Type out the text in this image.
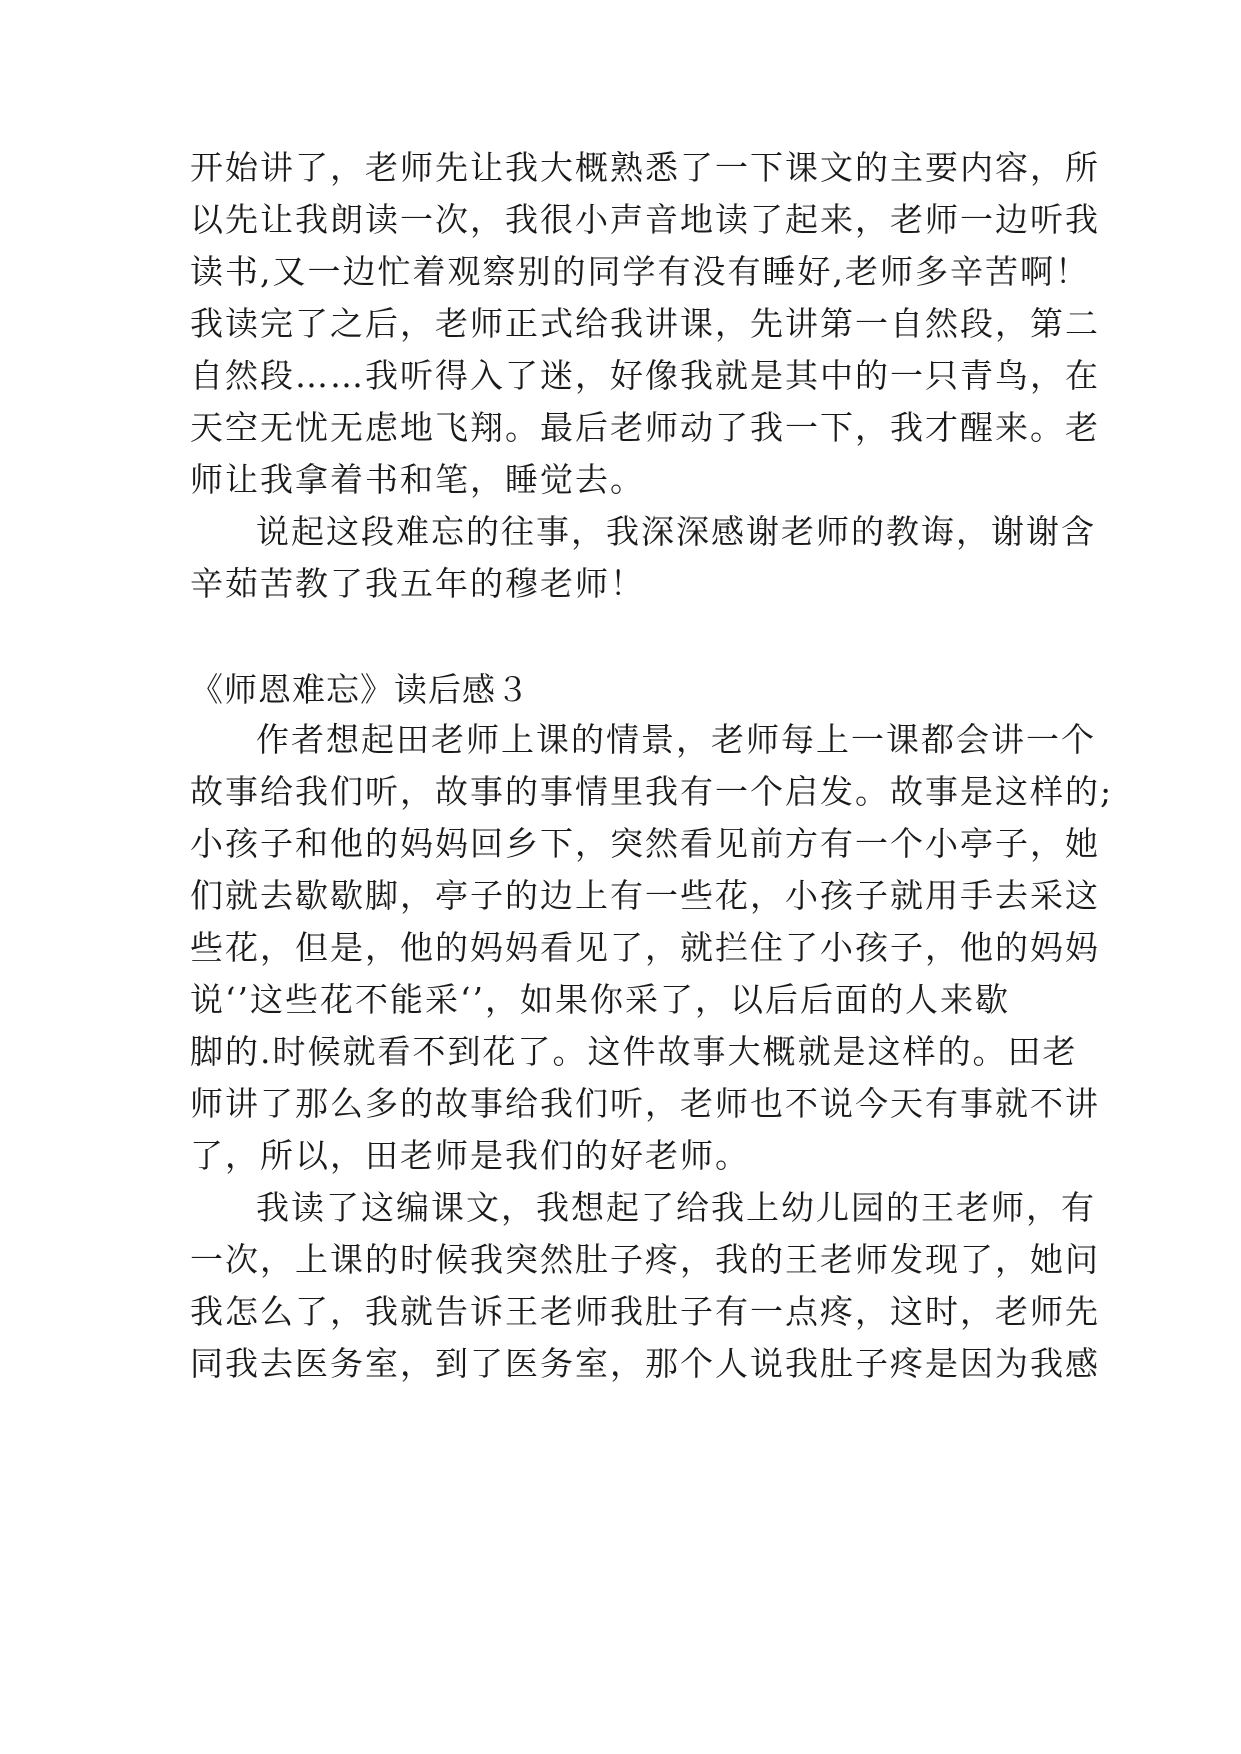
开始讲了，老师先让我大概熟悉了一下课文的主要内容，所
以先让我朗读一次，我很小声音地读了起来，老师一边听我
读书,又一边忙着观察别的同学有没有睡好,老师多辛苦啊！
我读完了之后，老师正式给我讲课，先讲第一自然段，第二
自然段……我听得入了迷，好像我就是其中的一只青鸟，在
天空无忧无虑地飞翔。最后老师动了我一下，我才醒来。老
师让我拿着书和笔，睡觉去。
说起这段难忘的往事，我深深感谢老师的教诲，谢谢含
辛茹苦教了我五年的穆老师！
《师恩难忘》读后感３
作者想起田老师上课的情景，老师每上一课都会讲一个
故事给我们听，故事的事情里我有一个启发。故事是这样的;
小孩子和他的妈妈回乡下，突然看见前方有一个小亭子，她
们就去歇歇脚，亭子的边上有一些花，小孩子就用手去采这
些花，但是，他的妈妈看见了，就拦住了小孩子，他的妈妈
说‘’这些花不能采‘’，如果你采了，以后后面的人来歇
脚的.时候就看不到花了。这件故事大概就是这样的。田老
师讲了那么多的故事给我们听，老师也不说今天有事就不讲
了，所以，田老师是我们的好老师。
我读了这编课文，我想起了给我上幼儿园的王老师，有
一次，上课的时候我突然肚子疼，我的王老师发现了，她问
我怎么了，我就告诉王老师我肚子有一点疼，这时，老师先
同我去医务室，到了医务室，那个人说我肚子疼是因为我感
